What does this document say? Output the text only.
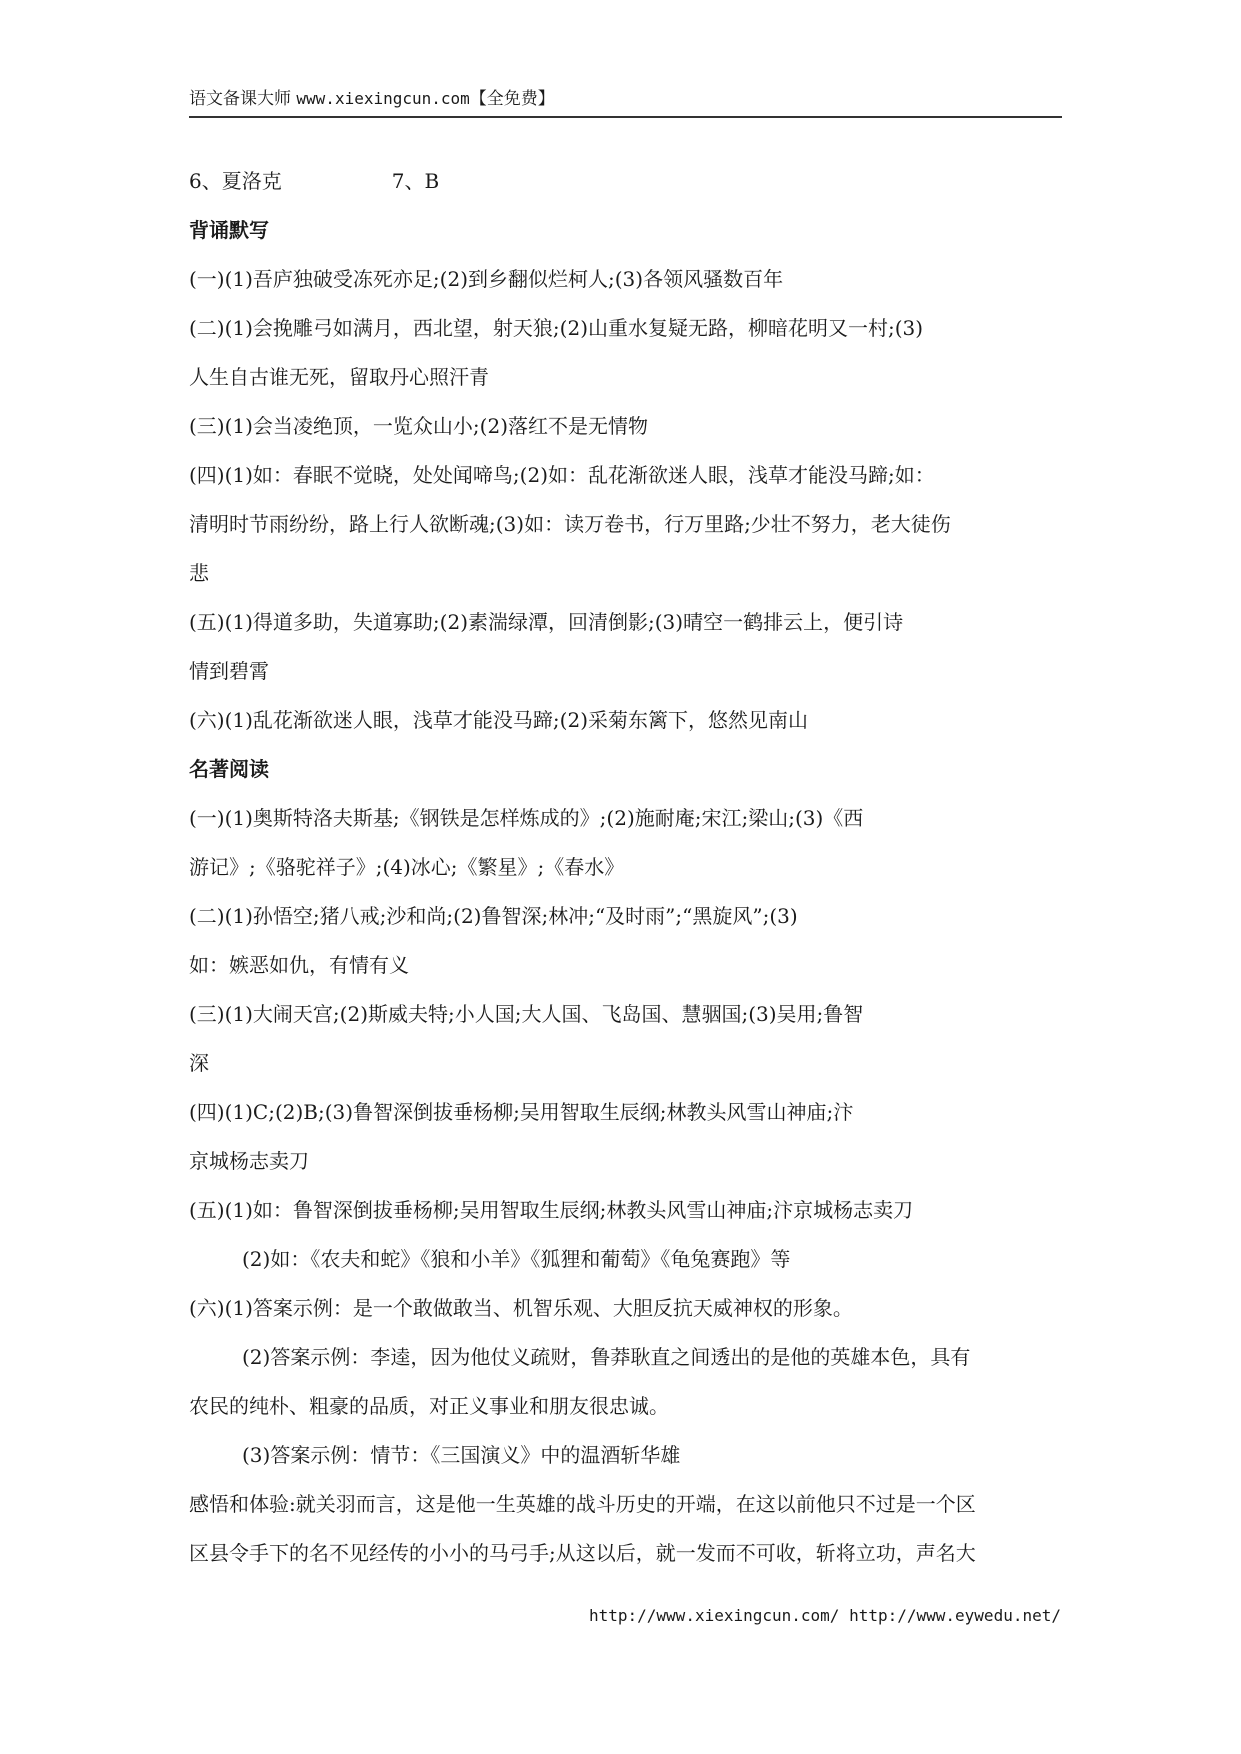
语文备课大师 www.xiexingcun.com【全免费】
6、夏洛克	7、B
背诵默写
(一)(1)吾庐独破受冻死亦足;(2)到乡翻似烂柯人;(3)各领风骚数百年
(二)(1)会挽雕弓如满月，西北望，射天狼;(2)山重水复疑无路，柳暗花明又一村;(3)
人生自古谁无死，留取丹心照汗青
(三)(1)会当凌绝顶，一览众山小;(2)落红不是无情物
(四)(1)如：春眠不觉晓，处处闻啼鸟;(2)如：乱花渐欲迷人眼，浅草才能没马蹄;如：
清明时节雨纷纷，路上行人欲断魂;(3)如：读万卷书，行万里路;少壮不努力，老大徒伤
悲
(五)(1)得道多助，失道寡助;(2)素湍绿潭，回清倒影;(3)晴空一鹤排云上，便引诗
情到碧霄
(六)(1)乱花渐欲迷人眼，浅草才能没马蹄;(2)采菊东篱下，悠然见南山
名著阅读
(一)(1)奥斯特洛夫斯基;《钢铁是怎样炼成的》;(2)施耐庵;宋江;梁山;(3)《西
游记》;《骆驼祥子》;(4)冰心;《繁星》;《春水》
(二)(1)孙悟空;猪八戒;沙和尚;(2)鲁智深;林冲;“及时雨”;“黑旋风”;(3)
如：嫉恶如仇，有情有义
(三)(1)大闹天宫;(2)斯威夫特;小人国;大人国、飞岛国、慧骃国;(3)吴用;鲁智
深
(四)(1)C;(2)B;(3)鲁智深倒拔垂杨柳;吴用智取生辰纲;林教头风雪山神庙;汴
京城杨志卖刀
(五)(1)如：鲁智深倒拔垂杨柳;吴用智取生辰纲;林教头风雪山神庙;汴京城杨志卖刀
(2)如：《农夫和蛇》《狼和小羊》《狐狸和葡萄》《龟兔赛跑》等
(六)(1)答案示例：是一个敢做敢当、机智乐观、大胆反抗天威神权的形象。
(2)答案示例：李逵，因为他仗义疏财，鲁莽耿直之间透出的是他的英雄本色，具有
农民的纯朴、粗豪的品质，对正义事业和朋友很忠诚。
(3)答案示例：情节：《三国演义》中的温酒斩华雄
感悟和体验:就关羽而言，这是他一生英雄的战斗历史的开端，在这以前他只不过是一个区
区县令手下的名不见经传的小小的马弓手;从这以后，就一发而不可收，斩将立功，声名大
http://www.xiexingcun.com/ http://www.eywedu.net/
